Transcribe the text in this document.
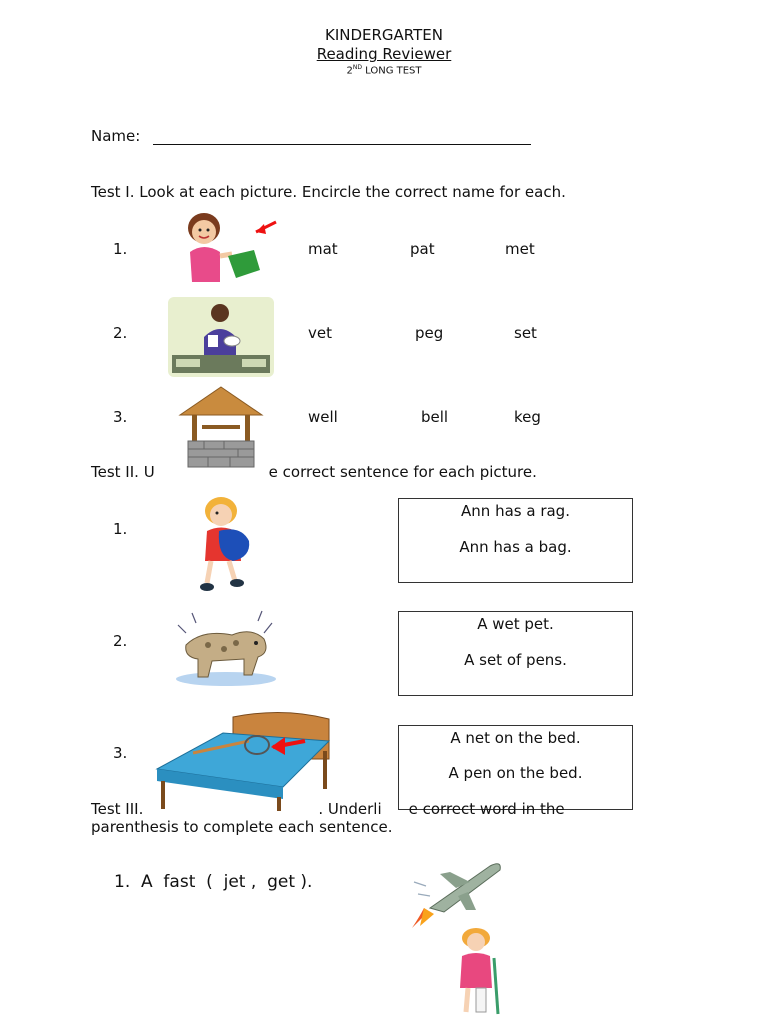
KINDERGARTEN
Reading Reviewer
2ND LONG TEST
Name:
Test I. Look at each picture. Encircle the correct name for each.
1.	mat	pat	met
2.	vet	peg	set
3.	well	bell	keg
Test II. U	e correct sentence for each picture.
1.

Ann has a rag.

Ann has a bag.

2.

A wet pet.

A set of pens.

3.

A net on the bed.

A pen on the bed.

Test III.	. Underli e correct word in the
parenthesis to complete each sentence.
1. A  fast  (  jet ,  get ).
